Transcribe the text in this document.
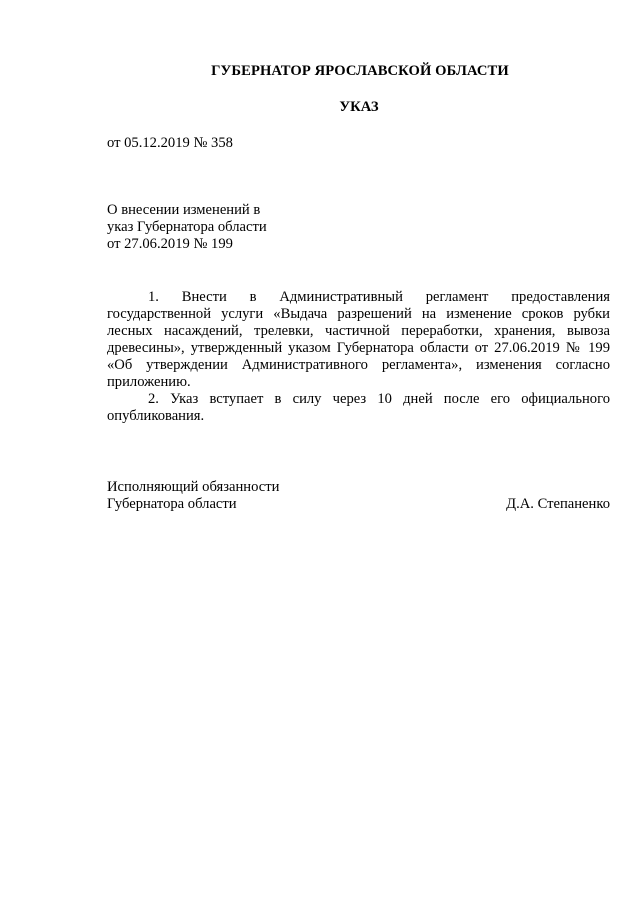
ГУБЕРНАТОР ЯРОСЛАВСКОЙ ОБЛАСТИ
УКАЗ
от 05.12.2019 № 358
О внесении изменений в
указ Губернатора области
от 27.06.2019 № 199

1. Внести в Административный регламент предоставления государственной услуги «Выдача разрешений на изменение сроков рубки лесных насаждений, трелевки, частичной переработки, хранения, вывоза древесины», утвержденный указом Губернатора области от 27.06.2019 № 199 «Об утверждении Административного регламента», изменения согласно приложению.

2. Указ вступает в силу через 10 дней после его официального опубликования.

Исполняющий обязанности
Губернатора области	Д.А. Степаненко
